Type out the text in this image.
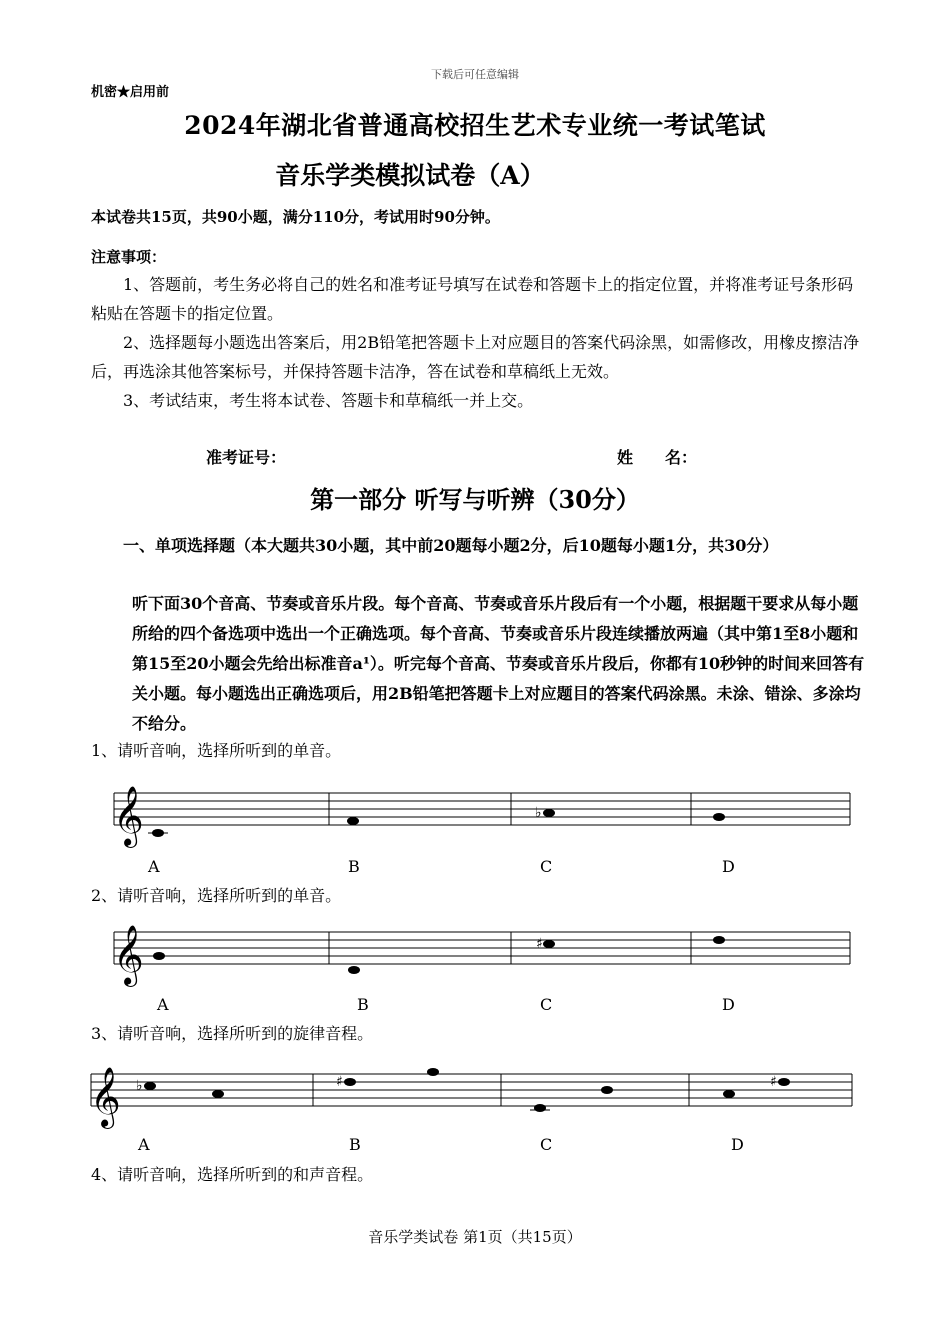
下载后可任意编辑
机密★启用前
2024年湖北省普通高校招生艺术专业统一考试笔试
音乐学类模拟试卷（A）
本试卷共15页，共90小题，满分110分，考试用时90分钟。
注意事项：
1、答题前，考生务必将自己的姓名和准考证号填写在试卷和答题卡上的指定位置，并将准考证号条形码粘贴在答题卡的指定位置。
2、选择题每小题选出答案后，用2B铅笔把答题卡上对应题目的答案代码涂黑，如需修改，用橡皮擦洁净后，再选涂其他答案标号，并保持答题卡洁净，答在试卷和草稿纸上无效。
3、考试结束，考生将本试卷、答题卡和草稿纸一并上交。
准考证号：	姓　　名：
第一部分 听写与听辨（30分）
一、单项选择题（本大题共30小题，其中前20题每小题2分，后10题每小题1分，共30分）
听下面30个音高、节奏或音乐片段。每个音高、节奏或音乐片段后有一个小题，根据题干要求从每小题所给的四个备选项中选出一个正确选项。每个音高、节奏或音乐片段连续播放两遍（其中第1至8小题和第15至20小题会先给出标准音a¹）。听完每个音高、节奏或音乐片段后，你都有10秒钟的时间来回答有关小题。每小题选出正确选项后，用2B铅笔把答题卡上对应题目的答案代码涂黑。未涂、错涂、多涂均不给分。
1、请听音响，选择所听到的单音。
2、请听音响，选择所听到的单音。
3、请听音响，选择所听到的旋律音程。
4、请听音响，选择所听到的和声音程。
𝄞	♭
A	B	C	D
𝄞	♯
A	B	C	D
𝄞 ♭	♯	♯
A	B	C	D
音乐学类试卷 第1页（共15页）
